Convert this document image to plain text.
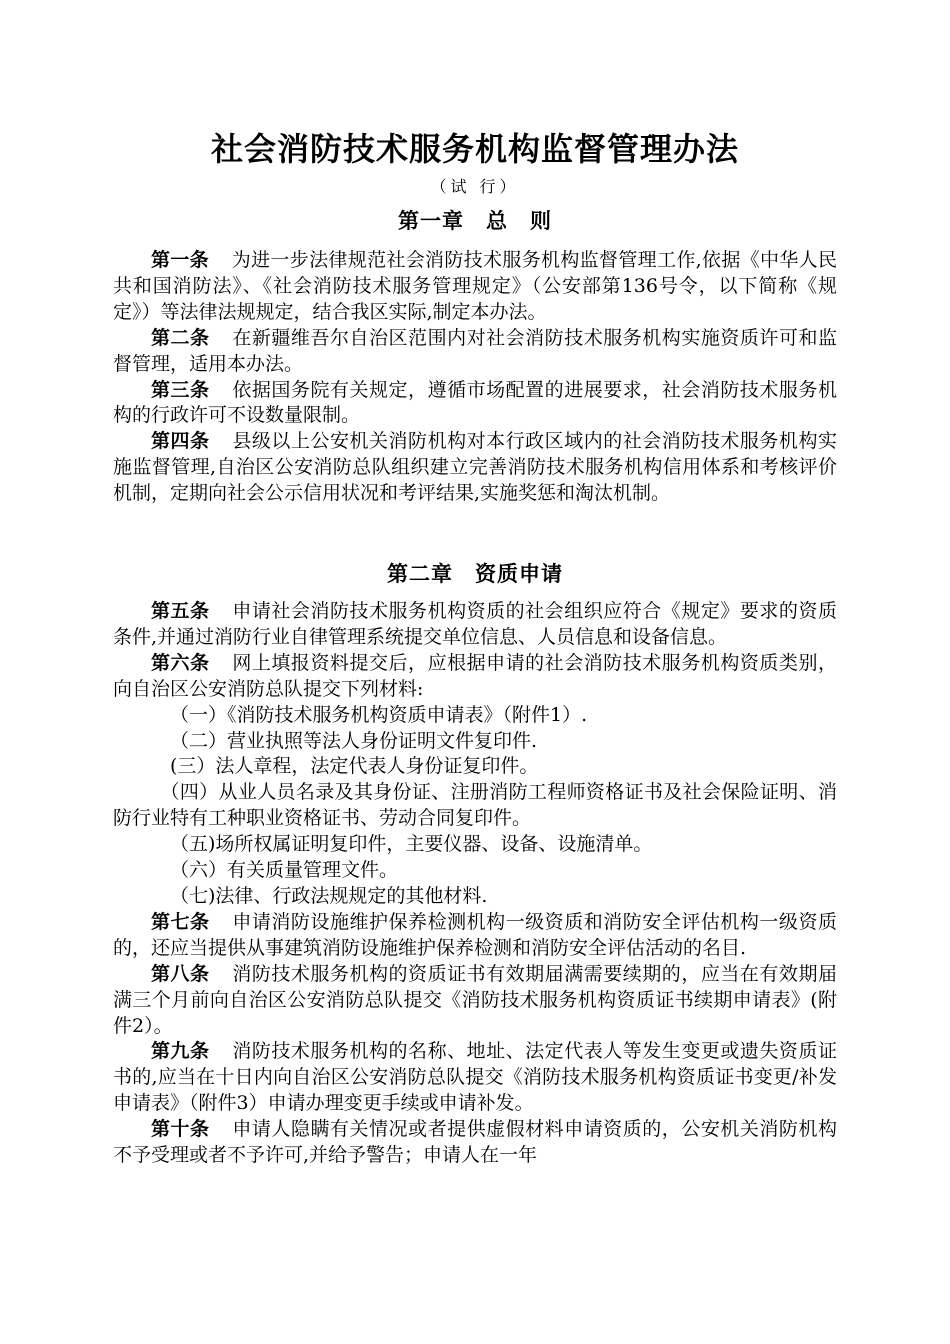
社会消防技术服务机构监督管理办法
（试 行）
第一章　总　则

第一条 为进一步法律规范社会消防技术服务机构监督管理工作,依据《中华人民共和国消防法》、《社会消防技术服务管理规定》（公安部第136号令，以下简称《规定》）等法律法规规定，结合我区实际,制定本办法。

第二条 在新疆维吾尔自治区范围内对社会消防技术服务机构实施资质许可和监督管理，适用本办法。

第三条 依据国务院有关规定，遵循市场配置的进展要求，社会消防技术服务机构的行政许可不设数量限制。

第四条 县级以上公安机关消防机构对本行政区域内的社会消防技术服务机构实施监督管理,自治区公安消防总队组织建立完善消防技术服务机构信用体系和考核评价机制，定期向社会公示信用状况和考评结果,实施奖惩和淘汰机制。

第二章　资质申请

第五条 申请社会消防技术服务机构资质的社会组织应符合《规定》要求的资质条件,并通过消防行业自律管理系统提交单位信息、人员信息和设备信息。

第六条 网上填报资料提交后，应根据申请的社会消防技术服务机构资质类别，向自治区公安消防总队提交下列材料:

（一）《消防技术服务机构资质申请表》（附件1）.

（二）营业执照等法人身份证明文件复印件.

(三）法人章程，法定代表人身份证复印件。

（四）从业人员名录及其身份证、注册消防工程师资格证书及社会保险证明、消防行业特有工种职业资格证书、劳动合同复印件。

（五)场所权属证明复印件，主要仪器、设备、设施清单。

（六）有关质量管理文件。

（七)法律、行政法规规定的其他材料.

第七条 申请消防设施维护保养检测机构一级资质和消防安全评估机构一级资质的，还应当提供从事建筑消防设施维护保养检测和消防安全评估活动的名目.

第八条 消防技术服务机构的资质证书有效期届满需要续期的，应当在有效期届满三个月前向自治区公安消防总队提交《消防技术服务机构资质证书续期申请表》(附件2）。

第九条 消防技术服务机构的名称、地址、法定代表人等发生变更或遗失资质证书的,应当在十日内向自治区公安消防总队提交《消防技术服务机构资质证书变更/补发申请表》（附件3）申请办理变更手续或申请补发。

第十条 申请人隐瞒有关情况或者提供虚假材料申请资质的，公安机关消防机构不予受理或者不予许可,并给予警告；申请人在一年
